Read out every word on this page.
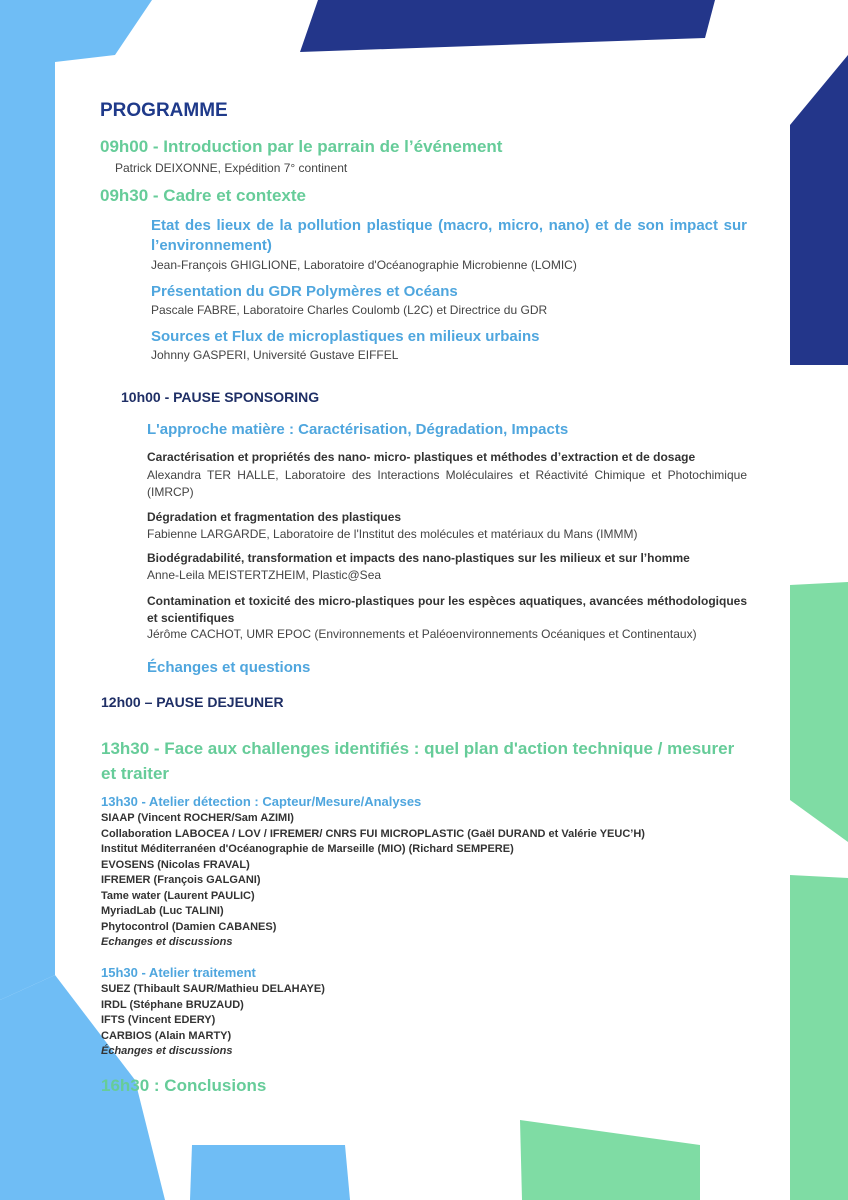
PROGRAMME
09h00 - Introduction par le parrain de l’événement
Patrick DEIXONNE, Expédition 7° continent
09h30 - Cadre et contexte
Etat des lieux de la pollution plastique (macro, micro, nano) et de son impact sur l’environnement)
Jean-François GHIGLIONE, Laboratoire d'Océanographie Microbienne (LOMIC)
Présentation du GDR Polymères et Océans
Pascale FABRE, Laboratoire Charles Coulomb (L2C) et Directrice du GDR
Sources et Flux de microplastiques en milieux urbains
Johnny GASPERI, Université Gustave EIFFEL
10h00 - PAUSE SPONSORING
L'approche matière : Caractérisation, Dégradation, Impacts
Caractérisation et propriétés des nano- micro- plastiques et méthodes d’extraction et de dosage
Alexandra TER HALLE, Laboratoire des Interactions Moléculaires et Réactivité Chimique et Photochimique (IMRCP)
Dégradation et fragmentation des plastiques
Fabienne LARGARDE, Laboratoire de l'Institut des molécules et matériaux du Mans (IMMM)
Biodégradabilité, transformation et impacts des nano-plastiques sur les milieux et sur l’homme
Anne-Leila MEISTERTZHEIM, Plastic@Sea
Contamination et toxicité des micro-plastiques pour les espèces aquatiques, avancées méthodologiques et scientifiques
Jérôme CACHOT, UMR EPOC (Environnements et Paléoenvironnements Océaniques et Continentaux)
Échanges et questions
12h00 – PAUSE DEJEUNER
13h30 - Face aux challenges identifiés : quel plan d'action technique / mesurer et traiter
13h30 - Atelier détection : Capteur/Mesure/Analyses
SIAAP (Vincent ROCHER/Sam AZIMI)
Collaboration LABOCEA / LOV / IFREMER/ CNRS FUI MICROPLASTIC (Gaël DURAND et Valérie YEUC’H)
Institut Méditerranéen d'Océanographie de Marseille (MIO) (Richard SEMPERE)
EVOSENS (Nicolas FRAVAL)
IFREMER (François GALGANI)
Tame water (Laurent PAULIC)
MyriadLab (Luc TALINI)
Phytocontrol (Damien CABANES)
Echanges et discussions
15h30 - Atelier traitement
SUEZ (Thibault SAUR/Mathieu DELAHAYE)
IRDL (Stéphane BRUZAUD)
IFTS (Vincent EDERY)
CARBIOS (Alain MARTY)
Échanges et discussions
16h30 : Conclusions
